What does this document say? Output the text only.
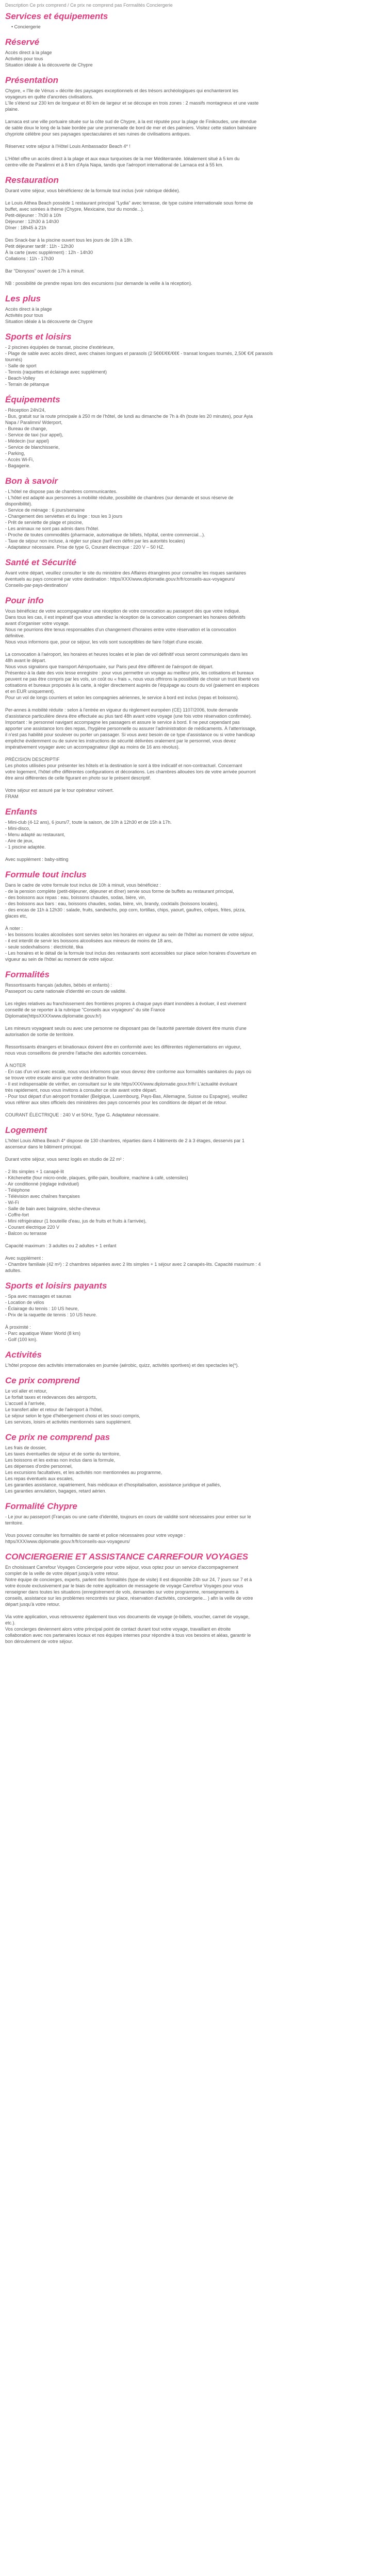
Description Ce prix comprend / Ce prix ne comprend pas Formalités Conciergerie
Services et équipements

• Conciergerie

Réservé

Accès direct à la plage

Activités pour tous

Situation idéale à la découverte de Chypre

Présentation

Chypre, « l'île de Vénus » décrite des paysages exceptionnels et des trésors archéologiques qui enchanteront les

voyageurs en quête d'ancrées civilisations.

L'île s'étend sur 230 km de longueur et 80 km de largeur et se découpe en trois zones : 2 massifs montagneux et une vaste

plaine.

Larnaca est une ville portuaire située sur la côte sud de Chypre, à la est réputée pour la plage de Finikoudes, une étendue

de sable doux le long de la baie bordée par une promenade de bord de mer et des palmiers. Visitez cette station balnéaire

chypriote célèbre pour ses paysages spectaculaires et ses ruines de civilisations antiques.

Réservez votre séjour à l'Hôtel Louis Ambassador Beach 4* !

L'Hôtel offre un accès direct à la plage et aux eaux turquoises de la mer Méditerranée. Idéalement situé à 5 km du

centre-ville de Paralimni et à 8 km d'Ayia Napa, tandis que l'aéroport international de Larnaca est à 55 km.

Restauration

Durant votre séjour, vous bénéficierez de la formule tout inclus (voir rubrique dédiée).

Le Louis Althea Beach possède 1 restaurant principal "Lydia" avec terrasse, de type cuisine internationale sous forme de

buffet, avec soirées à thème (Chypre, Mexicaine, tour du monde...).

Petit-déjeuner : 7h30 à 10h

Déjeuner : 12h30 à 14h30

Dîner : 18h45 à 21h

Des Snack-bar à la piscine ouvert tous les jours de 10h à 18h.

Petit déjeuner tardif : 11h - 12h30

À la carte (avec supplément) : 12h - 14h30

Collations : 11h - 17h30

Bar "Dionysos" ouvert de 17h à minuit.

NB : possibilité de prendre repas lors des excursions (sur demande la veille à la réception).

Les plus

Accès direct à la plage

Activités pour tous

Situation idéale à la découverte de Chypre

Sports et loisirs

- 2 piscines équipées de transat, piscine d'extérieure,

- Plage de sable avec accès direct, avec chaises longues et parasols (2 5€€€/€€/€€€ - transat longues tournés, 2,50€ €/€ parasols

tournés)

- Salle de sport

- Tennis (raquettes et éclairage avec supplément)

- Beach-Volley

- Terrain de pétanque

Équipements

- Réception 24h/24,

- Bus, gratuit sur la route principale à 250 m de l'hôtel, de lundi au dimanche de 7h à 4h (toute les 20 minutes), pour Ayia

Napa / Paralimni/ Wderport,

- Bureau de change,

- Service de taxi (sur appel),

- Médecin (sur appel)

- Service de blanchisserie,

- Parking,

- Accès Wi-Fi,

- Bagagerie.

Bon à savoir

- L'hôtel ne dispose pas de chambres communicantes.

- L'hôtel est adapté aux personnes à mobilité réduite, possibilité de chambres (sur demande et sous réserve de

disponibilité).

- Service de ménage : 6 jours/semaine

- Changement des serviettes et du linge : tous les 3 jours

- Prêt de serviette de plage et piscine,

- Les animaux ne sont pas admis dans l'hôtel.

- Proche de toutes commodités (pharmacie, automatique de billets, hôpital, centre commercial...).

- Taxe de séjour non incluse, à régler sur place (tarif non défini par les autorités locales)

- Adaptateur nécessaire. Prise de type G, Courant électrique : 220 V – 50 HZ.

Santé et Sécurité

Avant votre départ, veuillez consulter le site du ministère des Affaires étrangères pour connaître les risques sanitaires

éventuels au pays concerné par votre destination : https/XXX/www.diplomatie.gouv.fr/fr/conseils-aux-voyageurs/

Conseils-par-pays-destination/

Pour info

Vous bénéficiez de votre accompagnateur une réception de votre convocation au passeport dès que votre indiqué.

Dans tous les cas, il est impératif que vous attendiez la réception de la convocation comprenant les horaires définitifs

avant d'organiser votre voyage.

Nous ne pourrions être tenus responsables d'un changement d'horaires entre votre réservation et la convocation

définitive.

Nous vous informons que, pour ce séjour, les vols sont susceptibles de faire l'objet d'une escale.

La convocation à l'aéroport, les horaires et heures locales et le plan de vol définitif vous seront communiqués dans les

48h avant le départ.

Nous vous signalons que transport Aéroportuaire, sur Paris peut être différent de l'aéroport de départ.

Présentez-à la date des voix lesse enregistre : pour vous permettre un voyage au meilleur prix, les cotisations et bureaux

peuvent ne pas être compris par les vols, un coût ou « frais », nous vous offrirons la possibilité de choisir un trust liberté vos

cotisations et bureaux proposés à la carte, à régler directement auprès de l'équipage au cours du vol (paiement en espèces

et en EUR uniquement).

Pour un vol de longs courriers et selon les compagnies aériennes, le service à bord est inclus (repas et boissons).

Per-annes à mobilité réduite : selon à l'entrée en vigueur du règlement européen (CE) 1107/2006, toute demande

d'assistance particulière devra être effectuée au plus tard 48h avant votre voyage (une fois votre réservation confirmée).

Important : le personnel navigant accompagne les passagers et assure le service à bord. Il ne peut cependant pas

apporter une assistance lors des repas, l'hygiène personnelle ou assurer l'administration de médicaments. À l'atterrissage,

il n'est pas habilité pour soulever ou porter un passager. Si vous avez besoin de ce type d'assistance ou si votre handicap

empêche évidemment ou de suivre les instructions de sécurité délivrées oralement par le personnel, vous devez

impérativement voyager avec un accompagnateur (âgé au moins de 16 ans révolus).

PRÉCISION DESCRIPTIF

Les photos utilisées pour présenter les hôtels et la destination le sont à titre indicatif et non-contractuel. Concernant

votre logement, l'hôtel offre différentes configurations et décorations. Les chambres allouées lors de votre arrivée pourront

être ainsi différentes de celle figurant en photo sur le présent descriptif.

Votre séjour est assuré par le tour opérateur voirvert.

FRAM

Enfants

- Mini-club (4-12 ans), 6 jours/7, toute la saison, de 10h à 12h30 et de 15h à 17h.

- Mini-disco,

- Menu adapté au restaurant,

- Aire de jeux,

- 1 piscine adaptée.

Avec supplément : baby-sitting

Formule tout inclus

Dans le cadre de votre formule tout inclus de 10h à minuit, vous bénéficiez :

- de la pension complète (petit-déjeuner, déjeuner et dîner) servie sous forme de buffets au restaurant principal,

- des boissons aux repas : eau, boissons chaudes, sodas, bière, vin,

- des boissons aux bars : eau, boissons chaudes, sodas, bière, vin, brandy, cocktails (boissons locales),

- des encas de 11h à 12h30 : salade, fruits, sandwichs, pop corn, tortillas, chips, yaourt, gaufres, crêpes, frites, pizza,

glaces etc,

À noter :

- les boissons locales alcoolisées sont servies selon les horaires en vigueur au sein de l'hôtel au moment de votre séjour,

- il est interdit de servir les boissons alcoolisées aux mineurs de moins de 18 ans,

- seule sodexhalisons : électricité, tika

- Les horaires et le détail de la formule tout inclus des restaurants sont accessibles sur place selon horaires d'ouverture en

vigueur au sein de l'hôtel au moment de votre séjour.

Formalités

Ressortissants français (adultes, bébés et enfants) :

Passeport ou carte nationale d'identité en cours de validité.

Les règles relatives au franchissement des frontières propres à chaque pays étant inondées à évoluer, il est vivement

conseillé de se reporter à la rubrique "Conseils aux voyageurs" du site France

Diplomatie(httpsXXXXwww.diplomatie.gouv.fr/)

Les mineurs voyageant seuls ou avec une personne ne disposant pas de l'autorité parentale doivent être munis d'une

autorisation de sortie de territoire.

Ressortissants étrangers et binationaux doivent être en conformité avec les différentes réglementations en vigueur,

nous vous conseillons de prendre l'attache des autorités concernées.

À NOTER

- En cas d'un vol avec escale, nous vous informons que vous devrez être conforme aux formalités sanitaires du pays où

se trouve votre escale ainsi que votre destination finale.

- Il est indispensable de vérifier, en consultant sur le site https/XXX/www.diplomatie.gouv.fr/fr/ L'actualité évoluant

très rapidement, nous vous invitons à consulter ce site avant votre départ.

- Pour tout départ d'un aéroport frontalier (Belgique, Luxembourg, Pays-Bas, Allemagne, Suisse ou Espagne), veuillez

vous référer aux sites officiels des ministères des pays concernés pour les conditions de départ et de retour.

COURANT ÉLECTRIQUE : 240 V et 50Hz, Type G. Adaptateur nécessaire.

Logement

L'hôtel Louis Althea Beach 4* dispose de 130 chambres, réparties dans 4 bâtiments de 2 à 3 étages, desservis par 1

ascenseur dans le bâtiment principal.

Durant votre séjour, vous serez logés en studio de 22 m² :

- 2 lits simples + 1 canapé-lit

- Kitchenette (four micro-onde, plaques, grille-pain, bouilloire, machine à café, ustensiles)

- Air conditionné (réglage individuel)

- Téléphone

- Télévision avec chaînes françaises

- Wi-Fi

- Salle de bain avec baignoire, sèche-cheveux

- Coffre-fort

- Mini réfrigérateur (1 bouteille d'eau, jus de fruits et fruits à l'arrivée),

- Courant électrique 220 V

- Balcon ou terrasse

Capacité maximum : 3 adultes ou 2 adultes + 1 enfant

Avec supplément :

- Chambre familiale (42 m²) : 2 chambres séparées avec 2 lits simples + 1 séjour avec 2 canapés-lits. Capacité maximum : 4

adultes.

Sports et loisirs payants

- Spa avec massages et saunas

- Location de vélos

- Éclairage du tennis : 10 US heure,

- Prix de la raquette de tennis : 10 US heure.

À proximité :

- Parc aquatique Water World (8 km)

- Golf (100 km).

Activités

L'hôtel propose des activités internationales en journée (aérobic, quizz, activités sportives) et des spectacles le(*).

Ce prix comprend

Le vol aller et retour,

Le forfait taxes et redevances des aéroports,

L'accueil à l'arrivée,

Le transfert aller et retour de l'aéroport à l'hôtel,

Le séjour selon le type d'hébergement choisi et les souci compris,

Les services, loisirs et activités mentionnés sans supplément.

Ce prix ne comprend pas

Les frais de dossier,

Les taxes éventuelles de séjour et de sortie du territoire,

Les boissons et les extras non inclus dans la formule,

Les dépenses d'ordre personnel,

Les excursions facultatives, et les activités non mentionnées au programme,

Les repas éventuels aux escales,

Les garanties assistance, rapatriement, frais médicaux et d'hospitalisation, assistance juridique et palliés,

Les garanties annulation, bagages, retard aérien.

Formalité Chypre

- Le jour au passeport (Français ou une carte d'identité, toujours en cours de validité sont nécessaires pour entrer sur le

territoire.

Vous pouvez consulter les formalités de santé et police nécessaires pour votre voyage :

https/XXX/www.diplomatie.gouv.fr/fr/conseils-aux-voyageurs/

CONCIERGERIE ET ASSISTANCE CARREFOUR VOYAGES

En choisissant Carrefour Voyages Conciergerie pour votre séjour, vous optez pour un service d'accompagnement

complet de la veille de votre départ jusqu'à votre retour.

Notre équipe de concierges, experts, parlent des formalités (type de visite) Il est disponible 24h sur 24, 7 jours sur 7 et à

votre écoute exclusivement par le biais de notre application de messagerie de voyage Carrefour Voyages pour vous

renseigner dans toutes les situations (enregistrement de vols, demandes sur votre programme, renseignements à

conseils, assistance sur les problèmes rencontrés sur place, réservation d'activités, conciergerie... ) afin la veille de votre

départ jusqu'à votre retour.

Via votre application, vous retrouverez également tous vos documents de voyage (e-billets, voucher, carnet de voyage,

etc.).

Vos concierges deviennent alors votre principal point de contact durant tout votre voyage, travaillant en étroite

collaboration avec nos partenaires locaux et nos équipes internes pour répondre à tous vos besoins et aléas, garantir le

bon déroulement de votre séjour.
